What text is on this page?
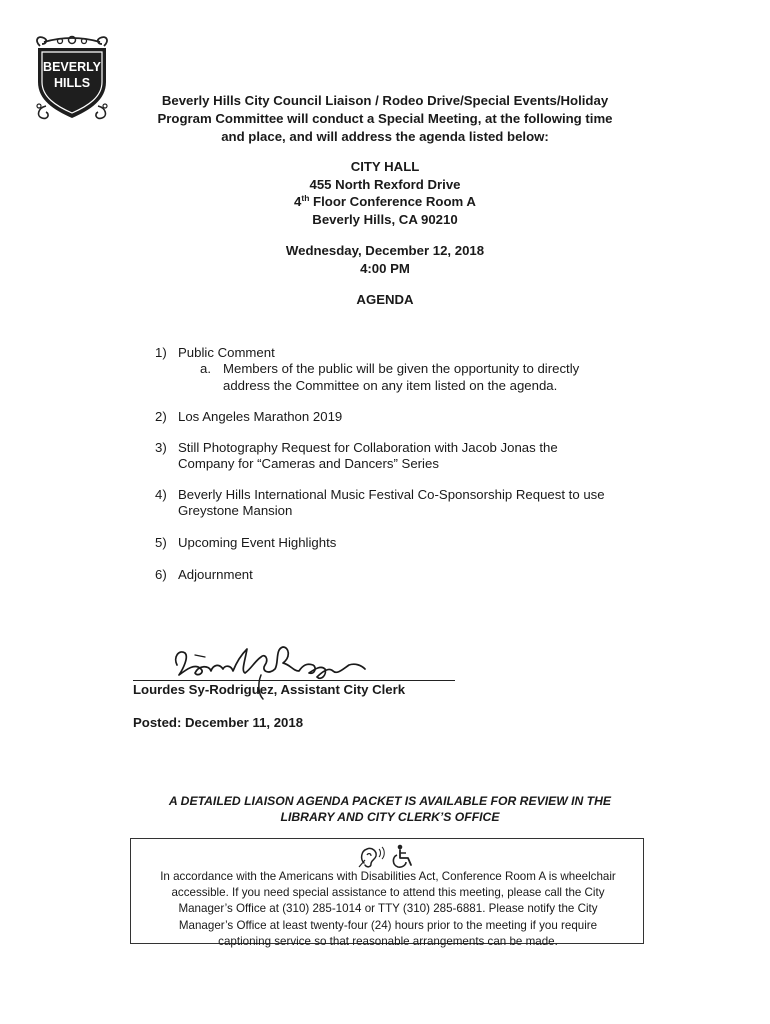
BEVERLY
HILLS
Beverly Hills City Council Liaison / Rodeo Drive/Special Events/Holiday
Program Committee will conduct a Special Meeting, at the following time
and place, and will address the agenda listed below:
CITY HALL
455 North Rexford Drive
4th Floor Conference Room A
Beverly Hills, CA 90210
Wednesday, December 12, 2018
4:00 PM
AGENDA
1) Public Comment
a. Members of the public will be given the opportunity to directly
address the Committee on any item listed on the agenda.
2) Los Angeles Marathon 2019
3) Still Photography Request for Collaboration with Jacob Jonas the
Company for “Cameras and Dancers” Series
4) Beverly Hills International Music Festival Co-Sponsorship Request to use
Greystone Mansion
5) Upcoming Event Highlights
6) Adjournment
Lourdes Sy-Rodriguez, Assistant City Clerk
Posted: December 11, 2018
A DETAILED LIAISON AGENDA PACKET IS AVAILABLE FOR REVIEW IN THE
LIBRARY AND CITY CLERK’S OFFICE
In accordance with the Americans with Disabilities Act, Conference Room A is wheelchair
accessible. If you need special assistance to attend this meeting, please call the City
Manager’s Office at (310) 285-1014 or TTY (310) 285-6881. Please notify the City
Manager’s Office at least twenty-four (24) hours prior to the meeting if you require
captioning service so that reasonable arrangements can be made.
